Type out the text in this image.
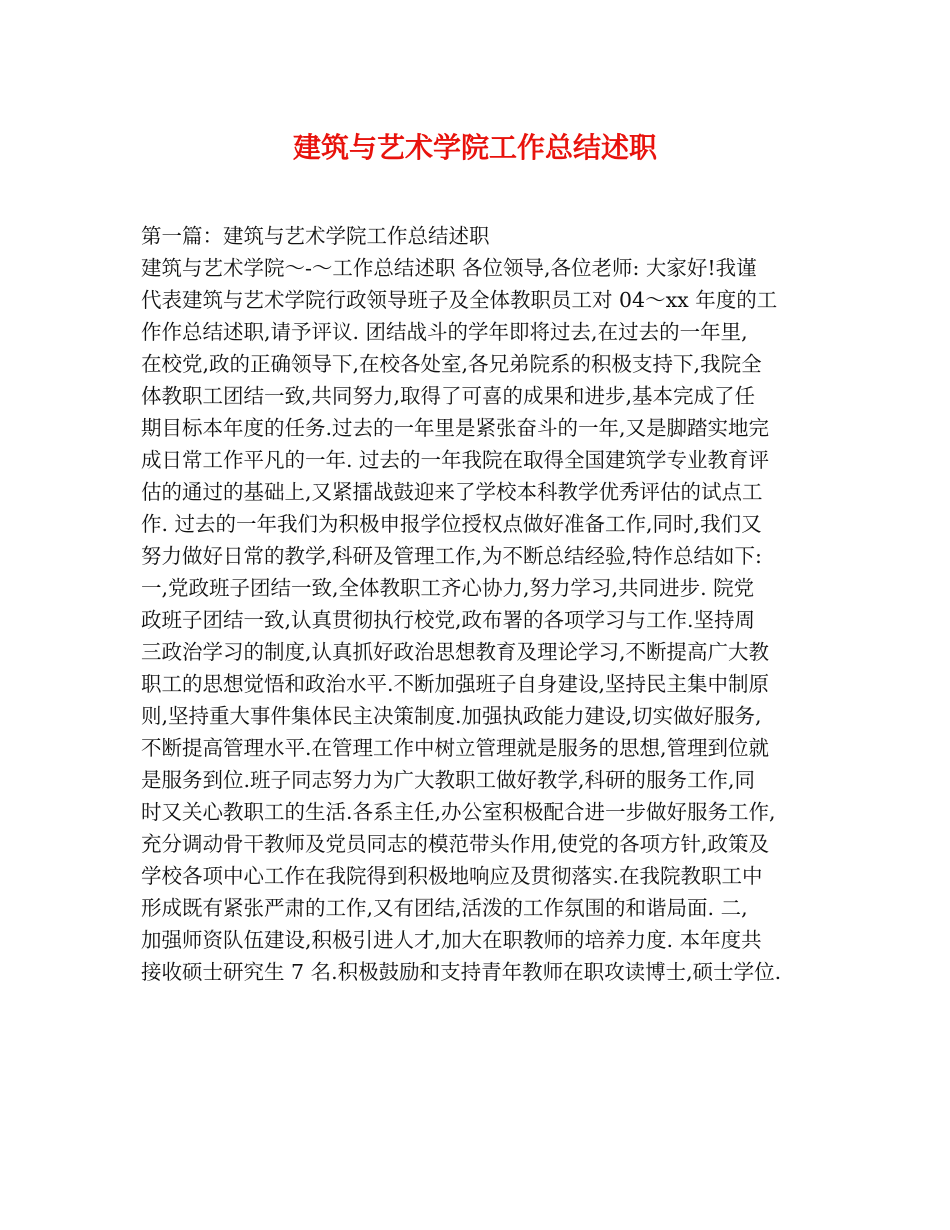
建筑与艺术学院工作总结述职
第一篇：建筑与艺术学院工作总结述职
建筑与艺术学院～-～工作总结述职 各位领导,各位老师: 大家好!我谨
代表建筑与艺术学院行政领导班子及全体教职员工对 04～xx 年度的工
作作总结述职,请予评议. 团结战斗的学年即将过去,在过去的一年里,
在校党,政的正确领导下,在校各处室,各兄弟院系的积极支持下,我院全
体教职工团结一致,共同努力,取得了可喜的成果和进步,基本完成了任
期目标本年度的任务.过去的一年里是紧张奋斗的一年,又是脚踏实地完
成日常工作平凡的一年. 过去的一年我院在取得全国建筑学专业教育评
估的通过的基础上,又紧擂战鼓迎来了学校本科教学优秀评估的试点工
作. 过去的一年我们为积极申报学位授权点做好准备工作,同时,我们又
努力做好日常的教学,科研及管理工作,为不断总结经验,特作总结如下:
一,党政班子团结一致,全体教职工齐心协力,努力学习,共同进步. 院党
政班子团结一致,认真贯彻执行校党,政布署的各项学习与工作.坚持周
三政治学习的制度,认真抓好政治思想教育及理论学习,不断提高广大教
职工的思想觉悟和政治水平.不断加强班子自身建设,坚持民主集中制原
则,坚持重大事件集体民主决策制度.加强执政能力建设,切实做好服务,
不断提高管理水平.在管理工作中树立管理就是服务的思想,管理到位就
是服务到位.班子同志努力为广大教职工做好教学,科研的服务工作,同
时又关心教职工的生活.各系主任,办公室积极配合进一步做好服务工作,
充分调动骨干教师及党员同志的模范带头作用,使党的各项方针,政策及
学校各项中心工作在我院得到积极地响应及贯彻落实.在我院教职工中
形成既有紧张严肃的工作,又有团结,活泼的工作氛围的和谐局面. 二,
加强师资队伍建设,积极引进人才,加大在职教师的培养力度. 本年度共
接收硕士研究生 7 名.积极鼓励和支持青年教师在职攻读博士,硕士学位.
